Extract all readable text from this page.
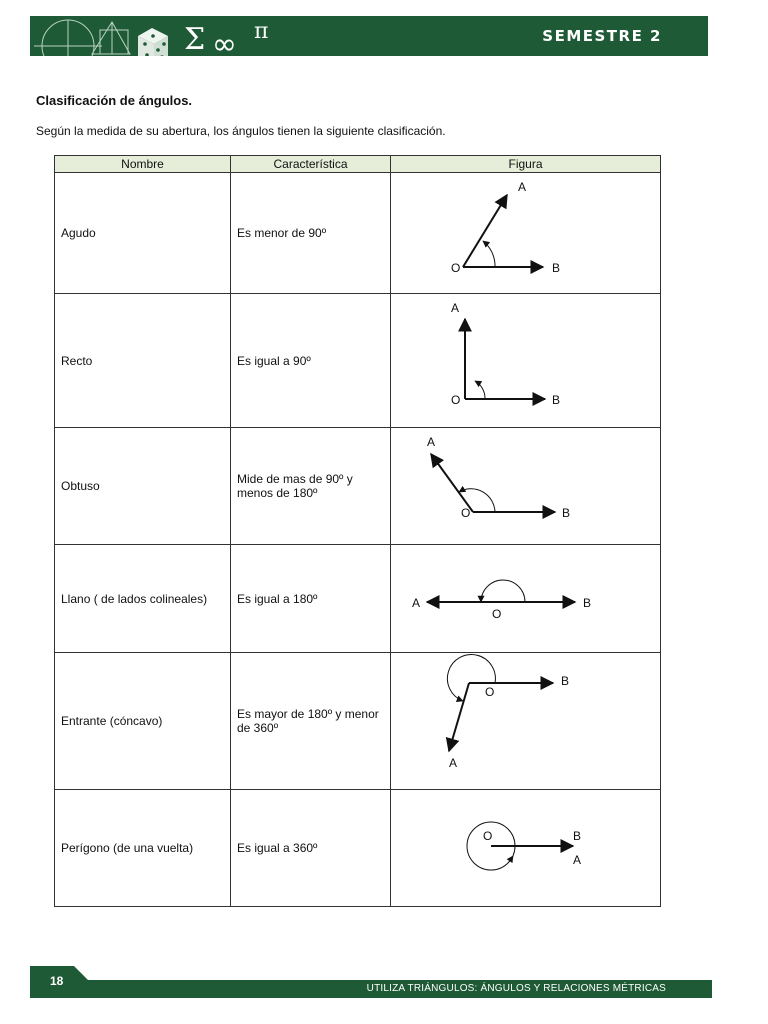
Σ ∞ π	SEMESTRE 2
Clasificación de ángulos.
Según la medida de su abertura, los ángulos tienen la siguiente clasificación.
Nombre	Característica	Figura
Agudo	Es menor de 90º	O B
A

Recto	Es igual a 90º	O B
A

Obtuso	Mide de mas de 90º y menos de 180º	O B
A

Llano ( de lados colineales)	Es igual a 180º	O
B
A

Entrante (cóncavo)	Es mayor de 180º y menor de 360º	O
B
A

Perígono (de una vuelta)	Es igual a 360º	O B
A
18
UTILIZA TRIÁNGULOS: ÁNGULOS Y RELACIONES MÉTRICAS
